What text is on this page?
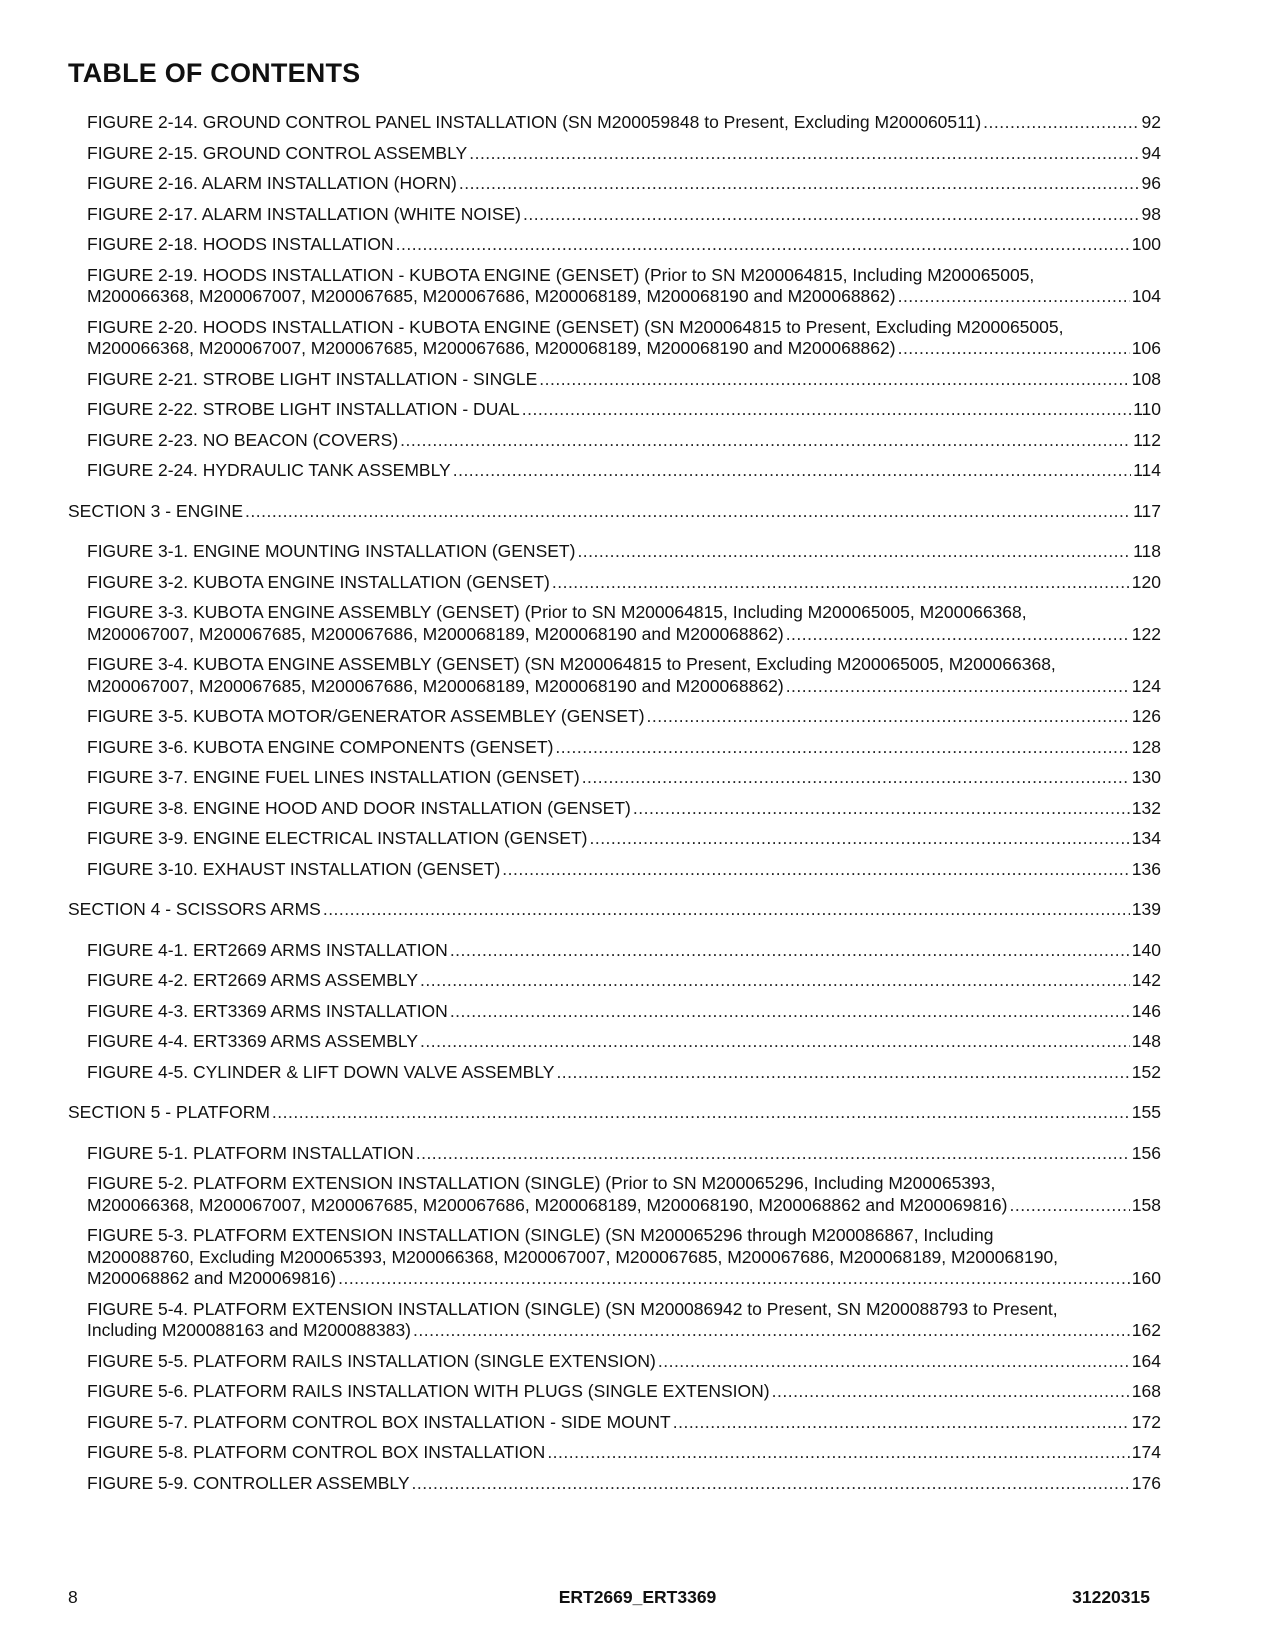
TABLE OF CONTENTS
FIGURE 2-14. GROUND CONTROL PANEL INSTALLATION (SN M200059848 to Present, Excluding M200060511) .....	92
FIGURE 2-15. GROUND CONTROL ASSEMBLY .....	94
FIGURE 2-16. ALARM INSTALLATION (HORN) .....	96
FIGURE 2-17. ALARM INSTALLATION (WHITE NOISE) .....	98
FIGURE 2-18. HOODS INSTALLATION .....	100
FIGURE 2-19. HOODS INSTALLATION - KUBOTA ENGINE (GENSET) (Prior to SN M200064815, Including M200065005,
M200066368, M200067007, M200067685, M200067686, M200068189, M200068190 and M200068862) .....	104
FIGURE 2-20. HOODS INSTALLATION - KUBOTA ENGINE (GENSET) (SN M200064815 to Present, Excluding M200065005,
M200066368, M200067007, M200067685, M200067686, M200068189, M200068190 and M200068862) .....	106
FIGURE 2-21. STROBE LIGHT INSTALLATION - SINGLE .....	108
FIGURE 2-22. STROBE LIGHT INSTALLATION - DUAL .....	110
FIGURE 2-23. NO BEACON (COVERS) .....	112
FIGURE 2-24. HYDRAULIC TANK ASSEMBLY .....	114
SECTION 3 - ENGINE .....	117
FIGURE 3-1. ENGINE MOUNTING INSTALLATION (GENSET) .....	118
FIGURE 3-2. KUBOTA ENGINE INSTALLATION (GENSET) .....	120
FIGURE 3-3. KUBOTA ENGINE ASSEMBLY (GENSET) (Prior to SN M200064815, Including M200065005, M200066368,
M200067007, M200067685, M200067686, M200068189, M200068190 and M200068862) .....	122
FIGURE 3-4. KUBOTA ENGINE ASSEMBLY (GENSET) (SN M200064815 to Present, Excluding M200065005, M200066368,
M200067007, M200067685, M200067686, M200068189, M200068190 and M200068862) .....	124
FIGURE 3-5. KUBOTA MOTOR/GENERATOR ASSEMBLEY (GENSET) .....	126
FIGURE 3-6. KUBOTA ENGINE COMPONENTS (GENSET) .....	128
FIGURE 3-7. ENGINE FUEL LINES INSTALLATION (GENSET) .....	130
FIGURE 3-8. ENGINE HOOD AND DOOR INSTALLATION (GENSET) .....	132
FIGURE 3-9. ENGINE ELECTRICAL INSTALLATION (GENSET) .....	134
FIGURE 3-10. EXHAUST INSTALLATION (GENSET) .....	136
SECTION 4 - SCISSORS ARMS .....	139
FIGURE 4-1. ERT2669 ARMS INSTALLATION .....	140
FIGURE 4-2. ERT2669 ARMS ASSEMBLY .....	142
FIGURE 4-3. ERT3369 ARMS INSTALLATION .....	146
FIGURE 4-4. ERT3369 ARMS ASSEMBLY .....	148
FIGURE 4-5. CYLINDER & LIFT DOWN VALVE ASSEMBLY .....	152
SECTION 5 - PLATFORM .....	155
FIGURE 5-1. PLATFORM INSTALLATION .....	156
FIGURE 5-2. PLATFORM EXTENSION INSTALLATION (SINGLE) (Prior to SN M200065296, Including M200065393,
M200066368, M200067007, M200067685, M200067686, M200068189, M200068190, M200068862 and M200069816) .....	158
FIGURE 5-3. PLATFORM EXTENSION INSTALLATION (SINGLE) (SN M200065296 through M200086867, Including
M200088760, Excluding M200065393, M200066368, M200067007, M200067685, M200067686, M200068189, M200068190,
M200068862 and M200069816) .....	160
FIGURE 5-4. PLATFORM EXTENSION INSTALLATION (SINGLE) (SN M200086942 to Present, SN M200088793 to Present,
Including M200088163 and M200088383) .....	162
FIGURE 5-5. PLATFORM RAILS INSTALLATION (SINGLE EXTENSION) .....	164
FIGURE 5-6. PLATFORM RAILS INSTALLATION WITH PLUGS (SINGLE EXTENSION) .....	168
FIGURE 5-7. PLATFORM CONTROL BOX INSTALLATION - SIDE MOUNT .....	172
FIGURE 5-8. PLATFORM CONTROL BOX INSTALLATION .....	174
FIGURE 5-9. CONTROLLER ASSEMBLY .....	176
8	ERT2669_ERT3369	31220315
